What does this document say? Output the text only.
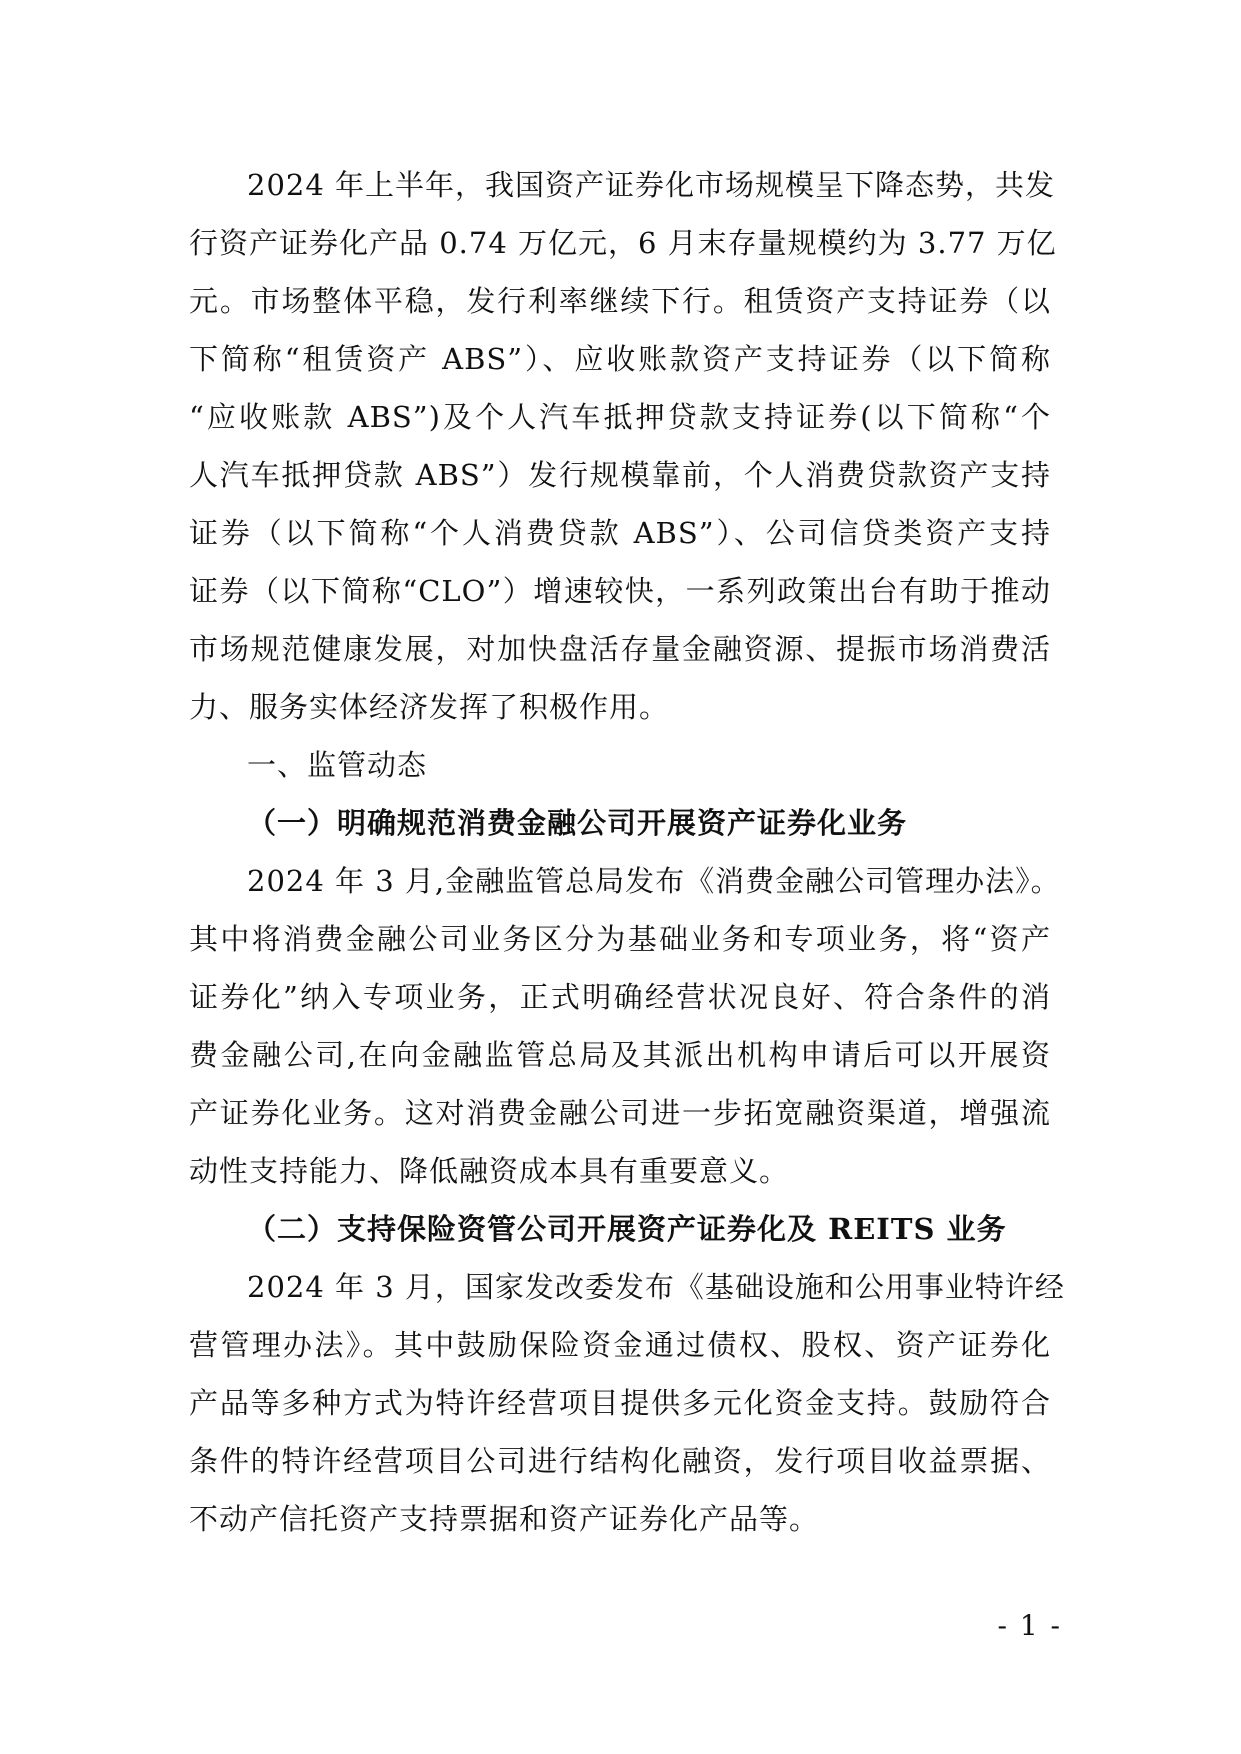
2024 年上半年，我国资产证券化市场规模呈下降态势，共发
行资产证券化产品 0.74 万亿元，6 月末存量规模约为 3.77 万亿
元。市场整体平稳，发行利率继续下行。租赁资产支持证券（以
下简称“租赁资产 ABS”）、应收账款资产支持证券（以下简称
“应收账款 ABS”)及个人汽车抵押贷款支持证券(以下简称“个
人汽车抵押贷款 ABS”）发行规模靠前，个人消费贷款资产支持
证券（以下简称“个人消费贷款 ABS”）、公司信贷类资产支持
证券（以下简称“CLO”）增速较快，一系列政策出台有助于推动
市场规范健康发展，对加快盘活存量金融资源、提振市场消费活
力、服务实体经济发挥了积极作用。
一、监管动态
（一）明确规范消费金融公司开展资产证券化业务
2024 年 3 月,金融监管总局发布《消费金融公司管理办法》。
其中将消费金融公司业务区分为基础业务和专项业务，将“资产
证券化”纳入专项业务，正式明确经营状况良好、符合条件的消
费金融公司,在向金融监管总局及其派出机构申请后可以开展资
产证券化业务。这对消费金融公司进一步拓宽融资渠道，增强流
动性支持能力、降低融资成本具有重要意义。
（二）支持保险资管公司开展资产证券化及 REITS 业务
2024 年 3 月，国家发改委发布《基础设施和公用事业特许经
营管理办法》。其中鼓励保险资金通过债权、股权、资产证券化
产品等多种方式为特许经营项目提供多元化资金支持。鼓励符合
条件的特许经营项目公司进行结构化融资，发行项目收益票据、
不动产信托资产支持票据和资产证券化产品等。
- 1 -
